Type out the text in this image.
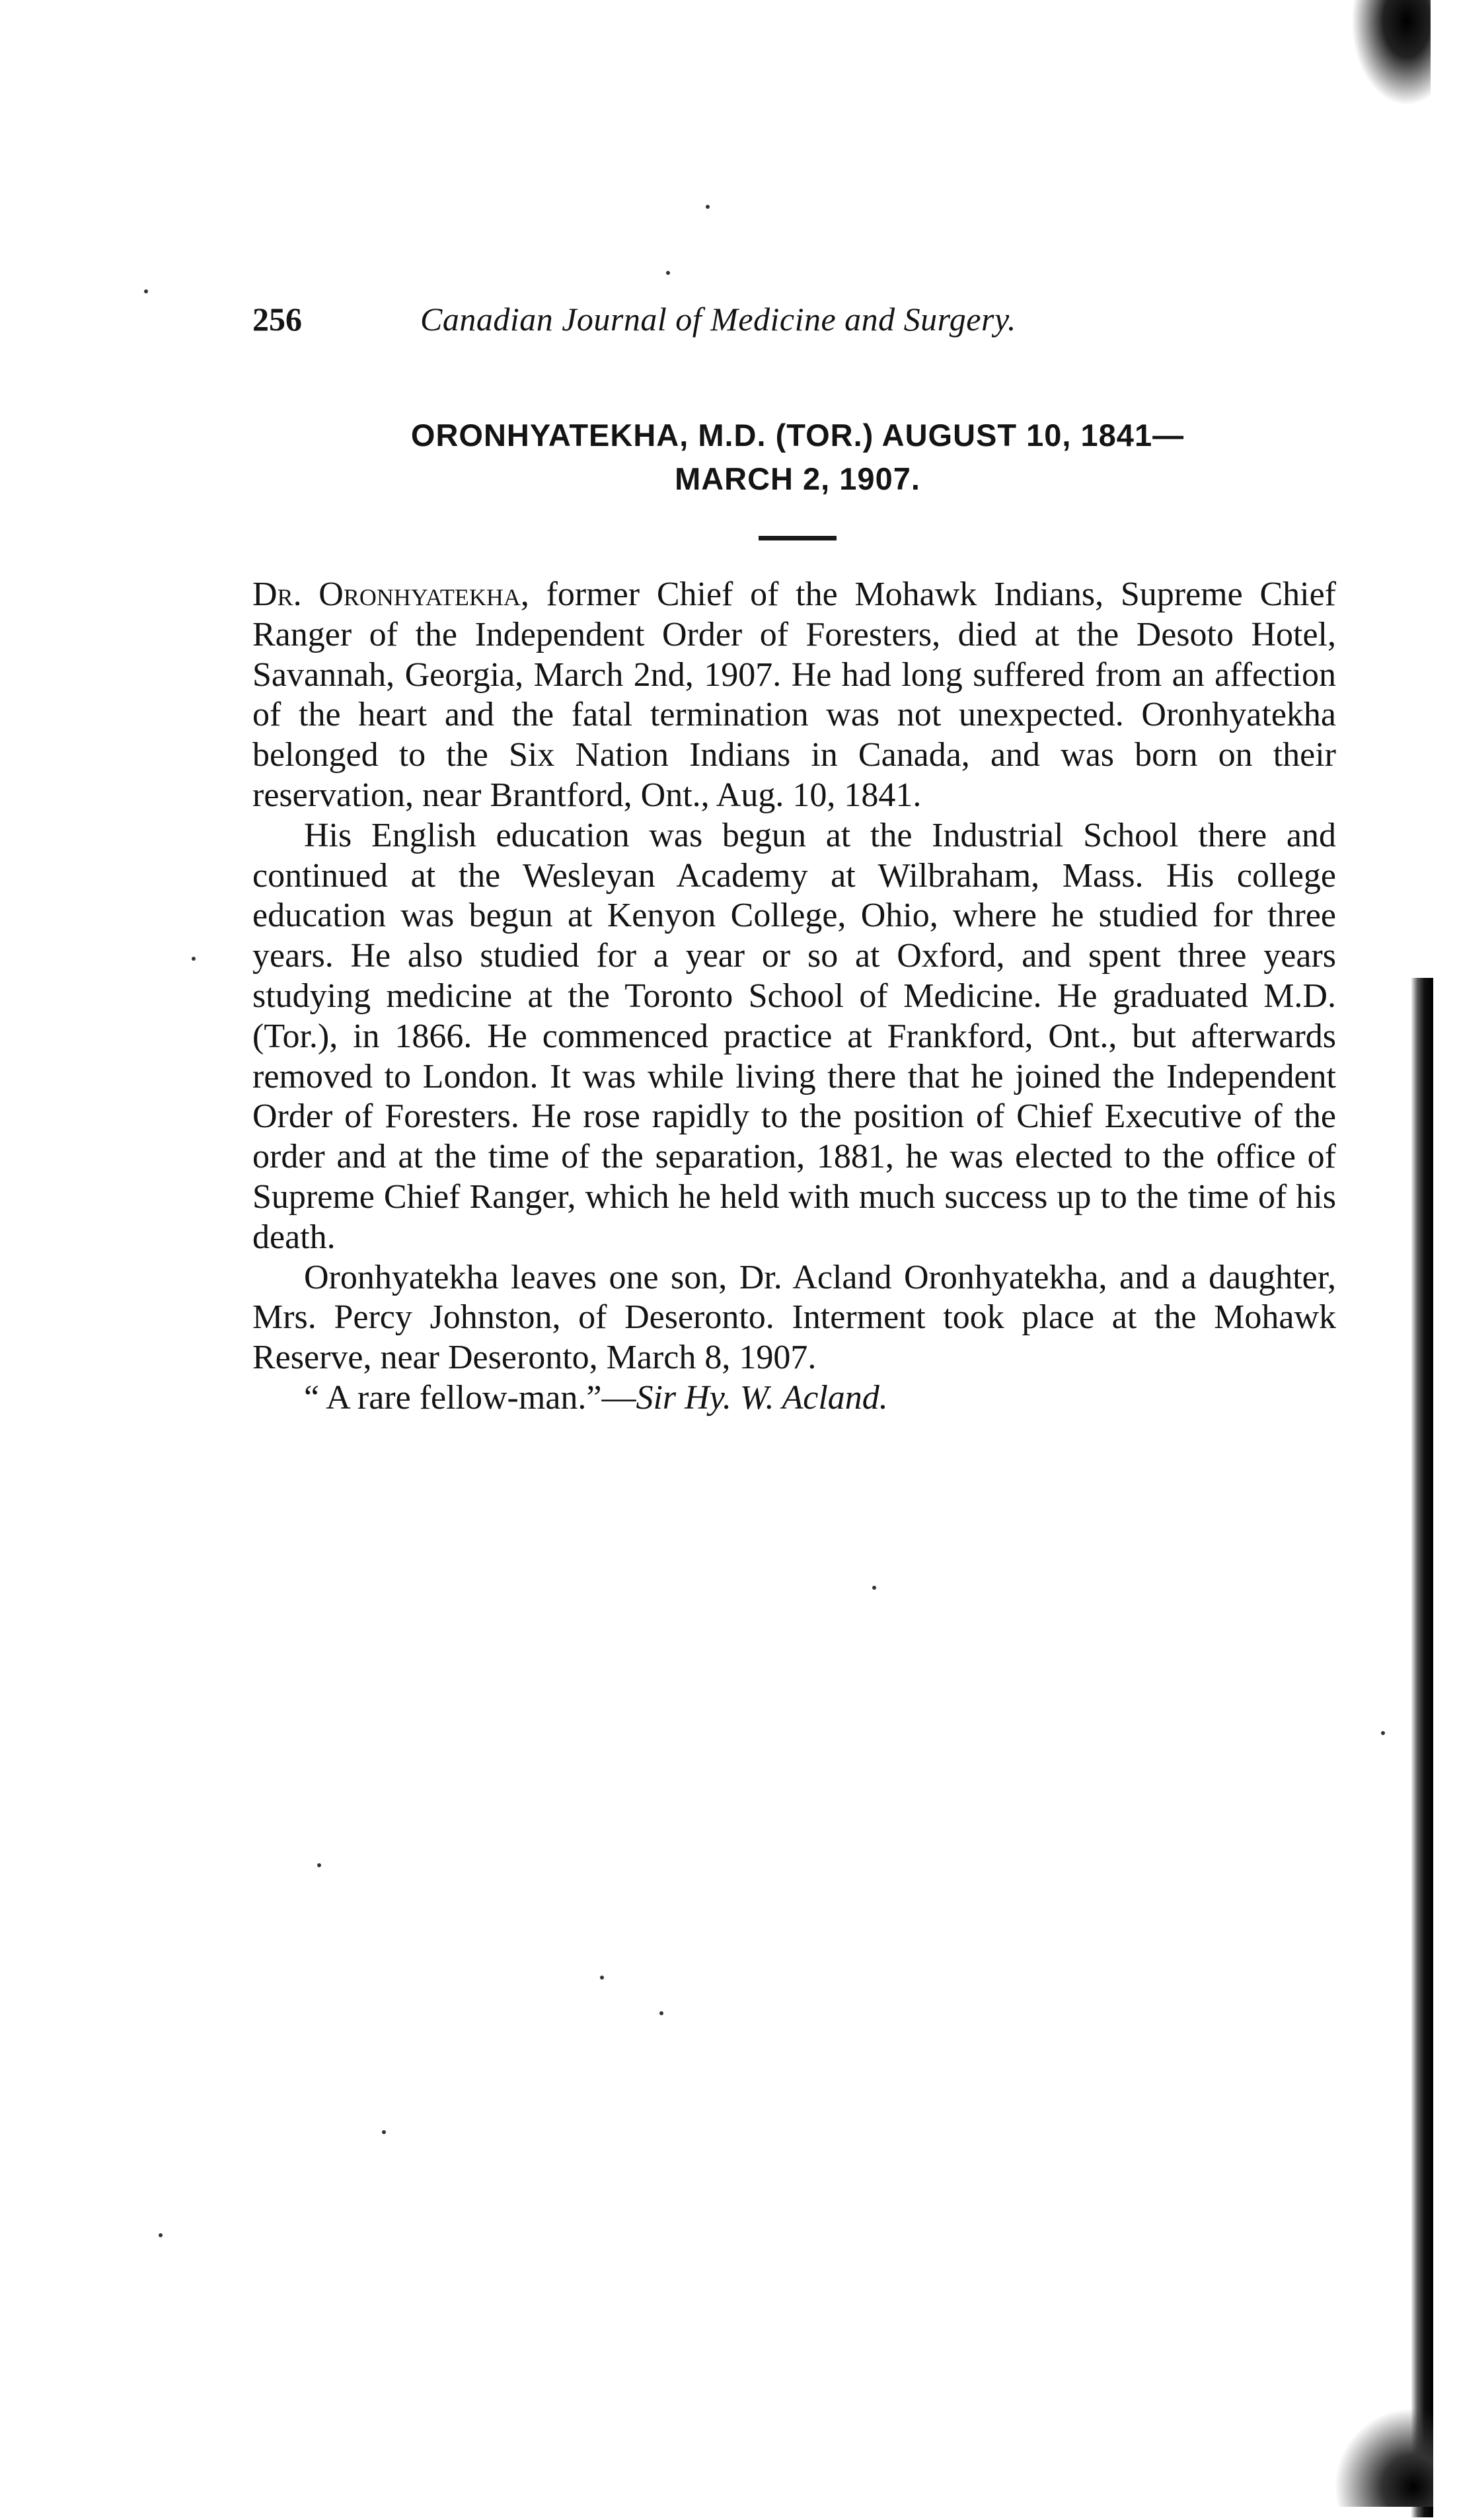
256	Canadian Journal of Medicine and Surgery.
ORONHYATEKHA, M.D. (TOR.) AUGUST 10, 1841—
MARCH 2, 1907.

Dr. Oronhyatekha, former Chief of the Mohawk Indians, Supreme Chief Ranger of the Independent Order of Foresters, died at the Desoto Hotel, Savannah, Georgia, March 2nd, 1907. He had long suffered from an affection of the heart and the fatal termination was not unexpected. Oronhyatekha belonged to the Six Nation Indians in Canada, and was born on their reservation, near Brantford, Ont., Aug. 10, 1841.

His English education was begun at the Industrial School there and continued at the Wesleyan Academy at Wilbraham, Mass. His college education was begun at Kenyon College, Ohio, where he studied for three years. He also studied for a year or so at Oxford, and spent three years studying medicine at the Toronto School of Medicine. He graduated M.D. (Tor.), in 1866. He commenced practice at Frankford, Ont., but afterwards removed to London. It was while living there that he joined the Independent Order of Foresters. He rose rapidly to the position of Chief Executive of the order and at the time of the separation, 1881, he was elected to the office of Supreme Chief Ranger, which he held with much success up to the time of his death.

Oronhyatekha leaves one son, Dr. Acland Oronhyatekha, and a daughter, Mrs. Percy Johnston, of Deseronto. Interment took place at the Mohawk Reserve, near Deseronto, March 8, 1907.

“ A rare fellow-man.”—Sir Hy. W. Acland.
